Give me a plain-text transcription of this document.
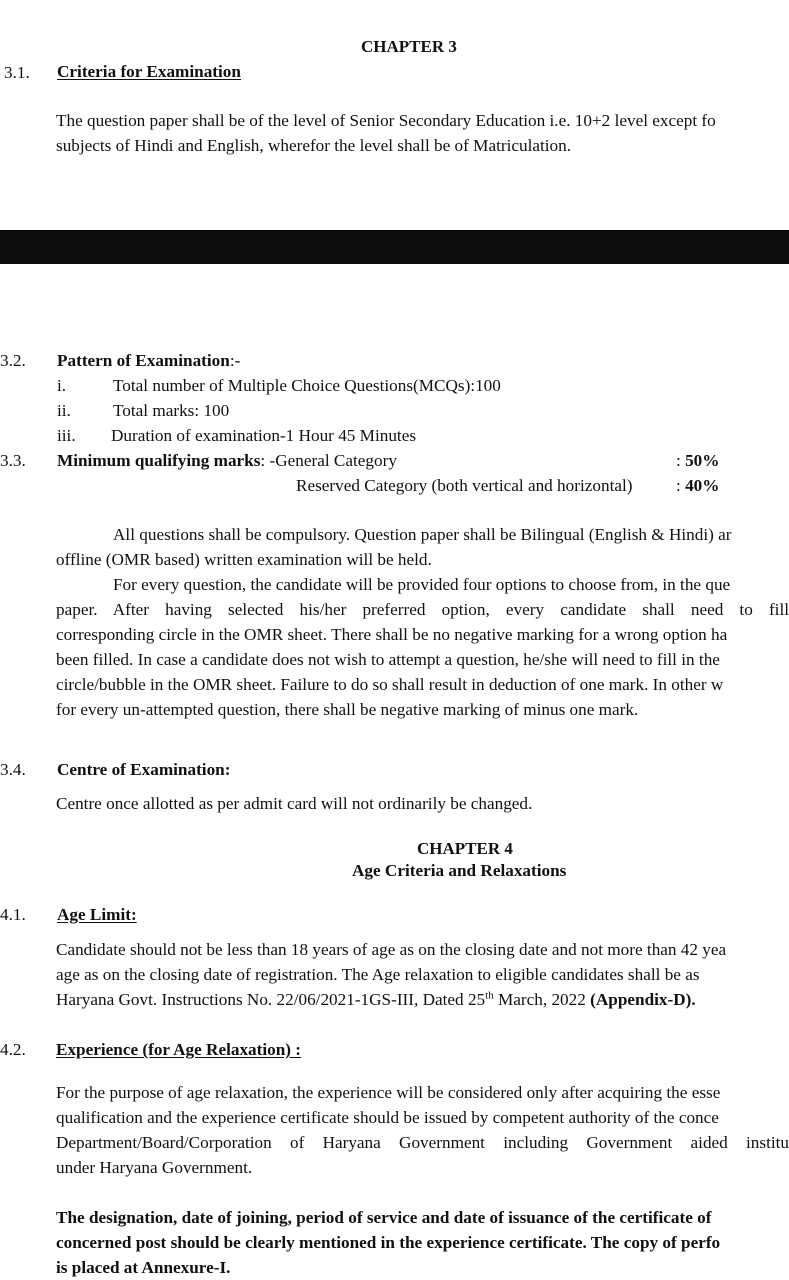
CHAPTER 3
3.1. Criteria for Examination
The question paper shall be of the level of Senior Secondary Education i.e. 10+2 level except fo
subjects of Hindi and English, wherefor the level shall be of Matriculation.
3.2. Pattern of Examination:-
i.	Total number of Multiple Choice Questions(MCQs):100
ii. Total marks: 100
iii. Duration of examination-1 Hour 45 Minutes
3.3. Minimum qualifying marks: -General Category	: 50%
Reserved Category (both vertical and horizontal)	: 40%
All questions shall be compulsory. Question paper shall be Bilingual (English & Hindi) ar
offline (OMR based) written examination will be held.
For every question, the candidate will be provided four options to choose from, in the que
paper. After having selected his/her preferred option, every candidate shall need to fill
corresponding circle in the OMR sheet. There shall be no negative marking for a wrong option ha
been filled. In case a candidate does not wish to attempt a question, he/she will need to fill in the
circle/bubble in the OMR sheet. Failure to do so shall result in deduction of one mark. In other w
for every un-attempted question, there shall be negative marking of minus one mark.
3.4. Centre of Examination:
Centre once allotted as per admit card will not ordinarily be changed.
CHAPTER 4
Age Criteria and Relaxations
4.1. Age Limit:
Candidate should not be less than 18 years of age as on the closing date and not more than 42 yea
age as on the closing date of registration. The Age relaxation to eligible candidates shall be as
Haryana Govt. Instructions No. 22/06/2021-1GS-III, Dated 25th March, 2022 (Appendix-D).
4.2. Experience (for Age Relaxation) :
For the purpose of age relaxation, the experience will be considered only after acquiring the esse
qualification and the experience certificate should be issued by competent authority of the conce
Department/Board/Corporation of Haryana Government including Government aided institu
under Haryana Government.
The designation, date of joining, period of service and date of issuance of the certificate of
concerned post should be clearly mentioned in the experience certificate. The copy of perfo
is placed at Annexure-I.
